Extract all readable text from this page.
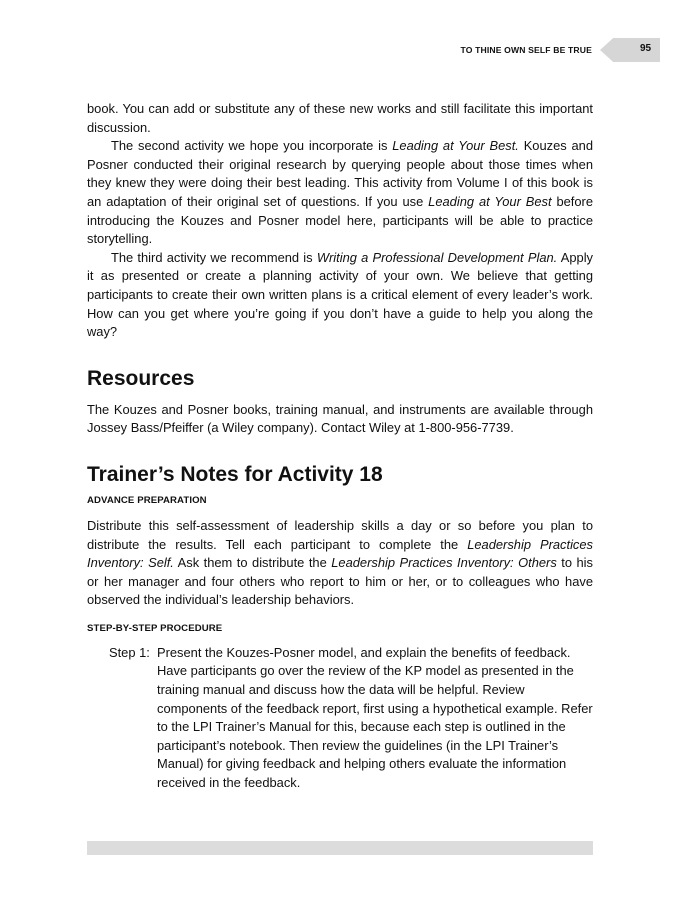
TO THINE OWN SELF BE TRUE	95

book. You can add or substitute any of these new works and still facilitate this important discussion.

The second activity we hope you incorporate is Leading at Your Best. Kouzes and Posner conducted their original research by querying people about those times when they knew they were doing their best leading. This activity from Volume I of this book is an adaptation of their original set of questions. If you use Leading at Your Best before introducing the Kouzes and Posner model here, participants will be able to practice storytelling.

The third activity we recommend is Writing a Professional Development Plan. Apply it as presented or create a planning activity of your own. We believe that getting participants to create their own written plans is a critical element of every leader’s work. How can you get where you’re going if you don’t have a guide to help you along the way?

Resources

The Kouzes and Posner books, training manual, and instruments are available through Jossey Bass/Pfeiffer (a Wiley company). Contact Wiley at 1-800-956-7739.

Trainer’s Notes for Activity 18
ADVANCE PREPARATION

Distribute this self-assessment of leadership skills a day or so before you plan to distribute the results. Tell each participant to complete the Leadership Practices Inventory: Self. Ask them to distribute the Leadership Practices Inventory: Others to his or her manager and four others who report to him or her, or to colleagues who have observed the individual’s leadership behaviors.

STEP-BY-STEP PROCEDURE
Step 1: Present the Kouzes-Posner model, and explain the benefits of feedback. Have participants go over the review of the KP model as presented in the training manual and discuss how the data will be helpful. Review components of the feedback report, first using a hypothetical example. Refer to the LPI Trainer’s Manual for this, because each step is outlined in the participant’s notebook. Then review the guidelines (in the LPI Trainer’s Manual) for giving feedback and helping others evaluate the information received in the feedback.
